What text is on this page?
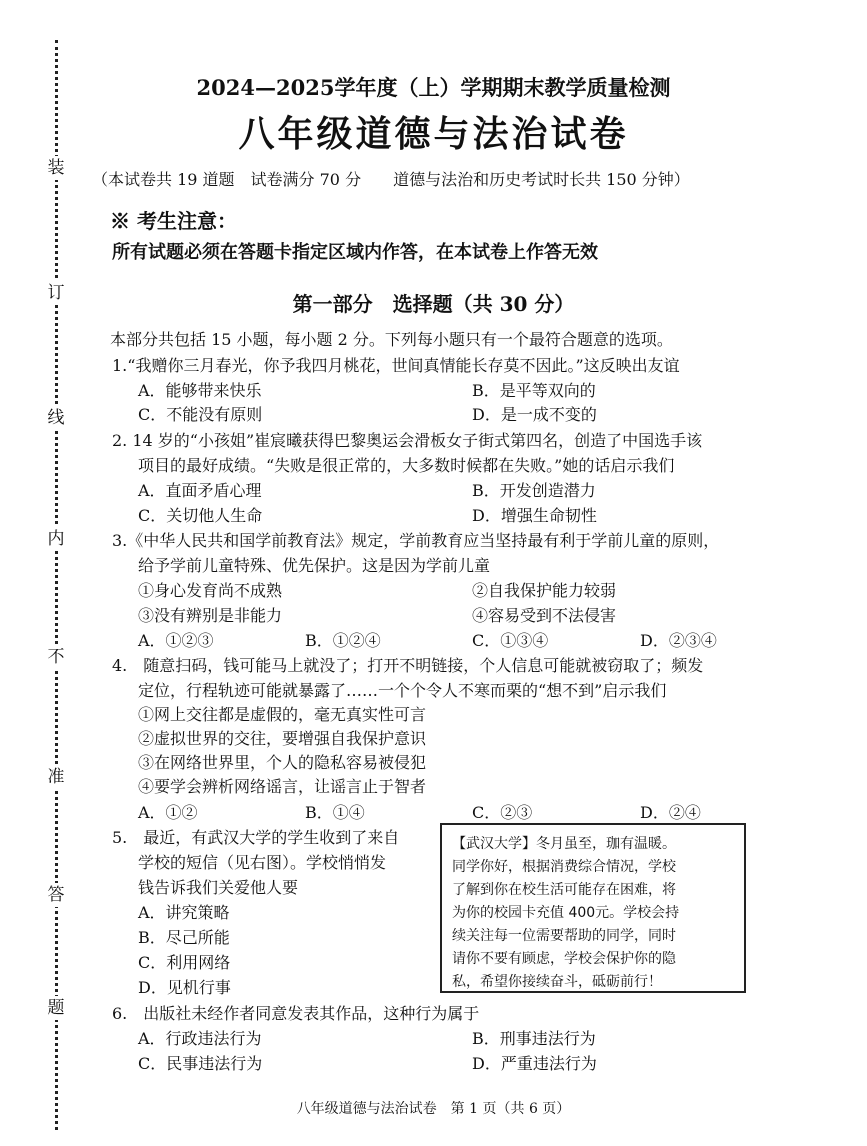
装
订
线
内
不
准
答
题
2024—2025学年度（上）学期期末教学质量检测
八年级道德与法治试卷
（本试卷共 19 道题　试卷满分 70 分　　道德与法治和历史考试时长共 150 分钟）
※ 考生注意：
所有试题必须在答题卡指定区域内作答，在本试卷上作答无效
第一部分　选择题（共 30 分）
本部分共包括 15 小题，每小题 2 分。下列每小题只有一个最符合题意的选项。
1.“我赠你三月春光，你予我四月桃花，世间真情能长存莫不因此。”这反映出友谊
A．能够带来快乐	B．是平等双向的
C．不能没有原则	D．是一成不变的
2. 14 岁的“小孩姐”崔宸曦获得巴黎奥运会滑板女子街式第四名，创造了中国选手该
项目的最好成绩。“失败是很正常的，大多数时候都在失败。”她的话启示我们
A．直面矛盾心理	B．开发创造潜力
C．关切他人生命	D．增强生命韧性
3.《中华人民共和国学前教育法》规定，学前教育应当坚持最有利于学前儿童的原则，
给予学前儿童特殊、优先保护。这是因为学前儿童
①身心发育尚不成熟	②自我保护能力较弱
③没有辨别是非能力	④容易受到不法侵害
A．①②③	B．①②④	C．①③④	D．②③④
4.　随意扫码，钱可能马上就没了；打开不明链接，个人信息可能就被窃取了；频发
定位，行程轨迹可能就暴露了……一个个令人不寒而栗的“想不到”启示我们
①网上交往都是虚假的，毫无真实性可言
②虚拟世界的交往，要增强自我保护意识
③在网络世界里，个人的隐私容易被侵犯
④要学会辨析网络谣言，让谣言止于智者
A．①②	B．①④	C．②③	D．②④
5.　最近，有武汉大学的学生收到了来自
学校的短信（见右图）。学校悄悄发
钱告诉我们关爱他人要
A．讲究策略
B．尽己所能
C．利用网络
D．见机行事
【武汉大学】冬月虽至，珈有温暖。
同学你好，根据消费综合情况，学校
了解到你在校生活可能存在困难，将
为你的校园卡充值 400元。学校会持
续关注每一位需要帮助的同学，同时
请你不要有顾虑，学校会保护你的隐
私，希望你接续奋斗，砥砺前行！
6.　出版社未经作者同意发表其作品，这种行为属于
A．行政违法行为	B．刑事违法行为
C．民事违法行为	D．严重违法行为
八年级道德与法治试卷　第 1 页（共 6 页）
